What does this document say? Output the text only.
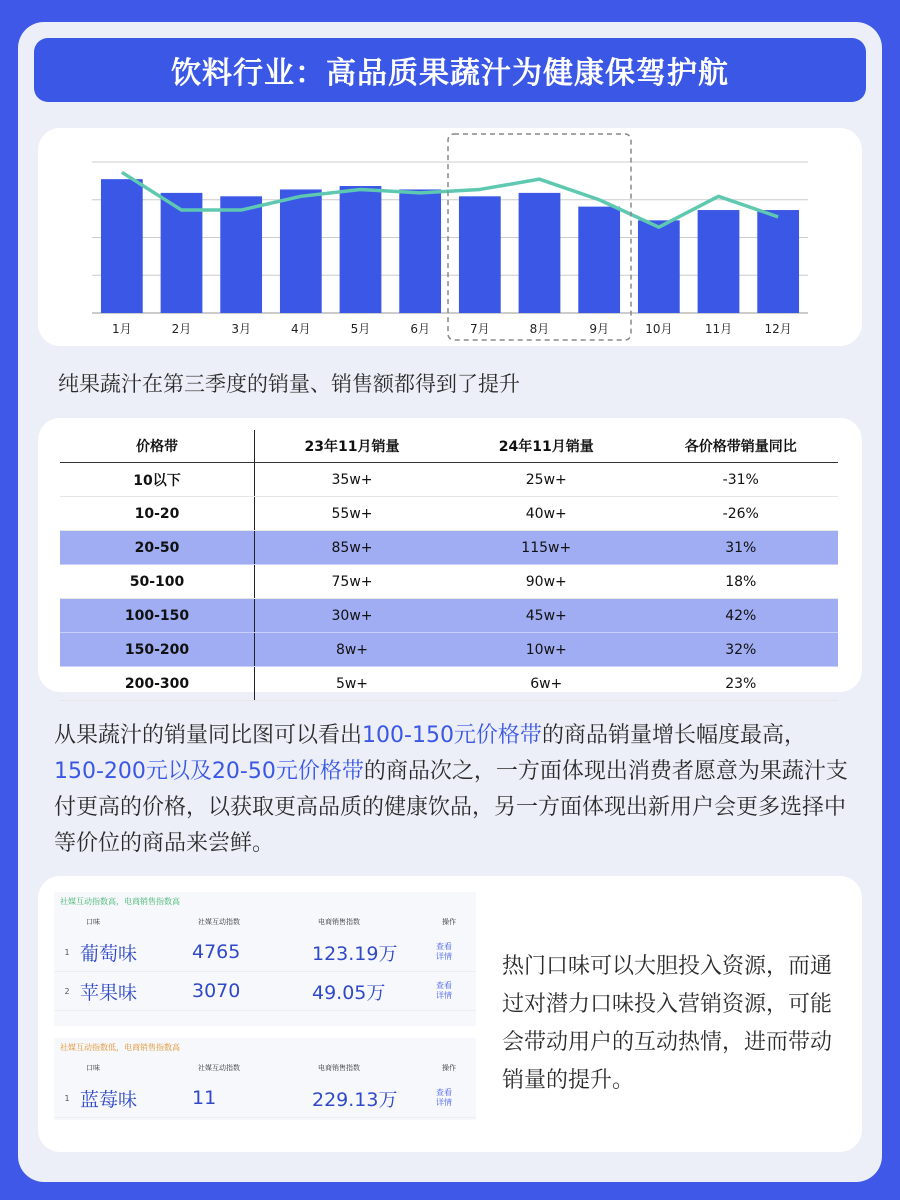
饮料行业：高品质果蔬汁为健康保驾护航
1月	2月	3月	4月	5月	6月	7月	8月	9月	10月	11月	12月
纯果蔬汁在第三季度的销量、销售额都得到了提升
价格带	23年11月销量	24年11月销量	各价格带销量同比
10以下	35w+	25w+	-31%
10-20	55w+	40w+	-26%
20-50	85w+	115w+	31%
50-100	75w+	90w+	18%
100-150	30w+	45w+	42%
150-200	8w+	10w+	32%
200-300	5w+	6w+	23%
从果蔬汁的销量同比图可以看出100-150元价格带的商品销量增长幅度最高，150-200元以及20-50元价格带的商品次之，一方面体现出消费者愿意为果蔬汁支付更高的价格，以获取更高品质的健康饮品，另一方面体现出新用户会更多选择中等价位的商品来尝鲜。
社媒互动指数高，电商销售指数高
口味	社媒互动指数	电商销售指数	操作
1 葡萄味	4765	123.19万	查看
详情
2 苹果味	3070	49.05万	查看
详情
社媒互动指数低，电商销售指数高
口味	社媒互动指数	电商销售指数	操作
1 蓝莓味	11	229.13万	查看
详情
热门口味可以大胆投入资源，而通过对潜力口味投入营销资源，可能会带动用户的互动热情，进而带动销量的提升。
